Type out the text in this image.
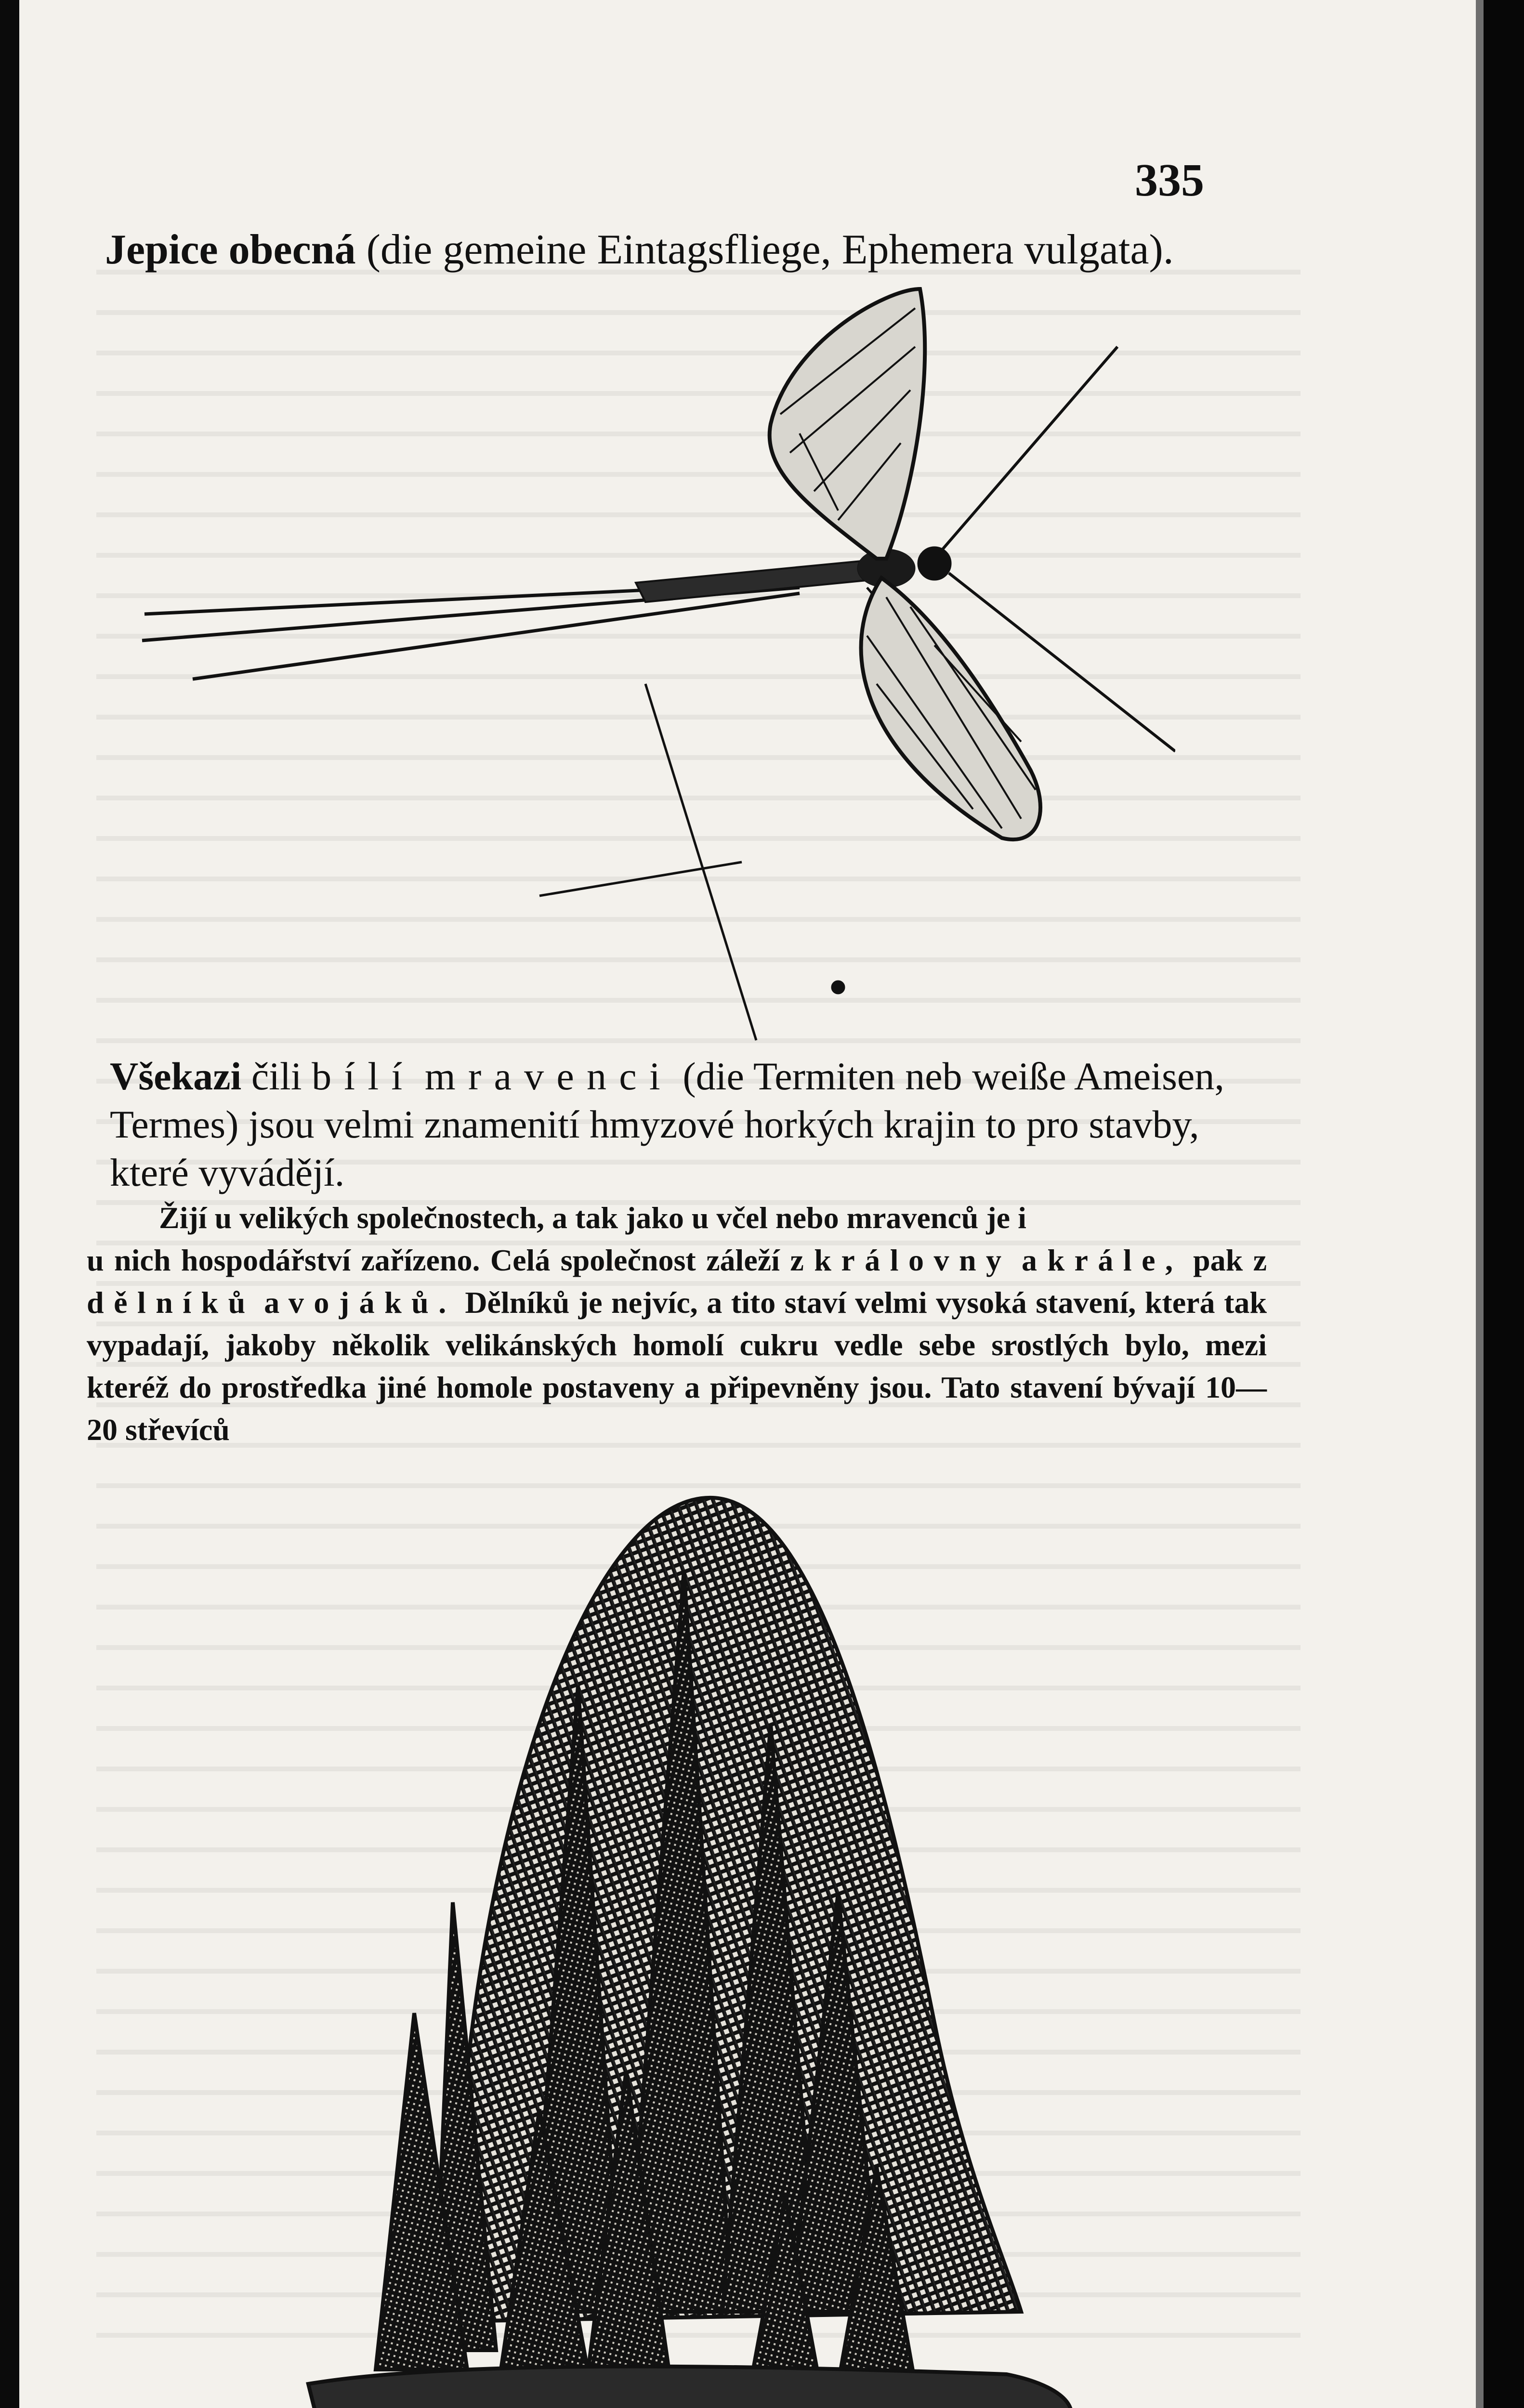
335
Jepice obecná (die gemeine Eintagsfliege, Ephemera vulgata).
Všekazi čili bílí mravenci (die Termiten neb weiße Ameisen, Termes) jsou velmi znamenití hmyzové horkých krajin to pro stavby, které vyvádějí.
Žijí u velikých společnostech, a tak jako u včel nebo mravenců je i
u nich hospodářství zařízeno. Celá společnost záleží z královny a krále, pak z dělníků a vojáků. Dělníků je nejvíc, a tito staví velmi vysoká stavení, která tak vypadají, jakoby několik velikánských homolí cukru vedle sebe srostlých bylo, mezi kteréž do prostředka jiné homole postaveny a připevněny jsou. Tato stavení bývají 10—20 střevíců
